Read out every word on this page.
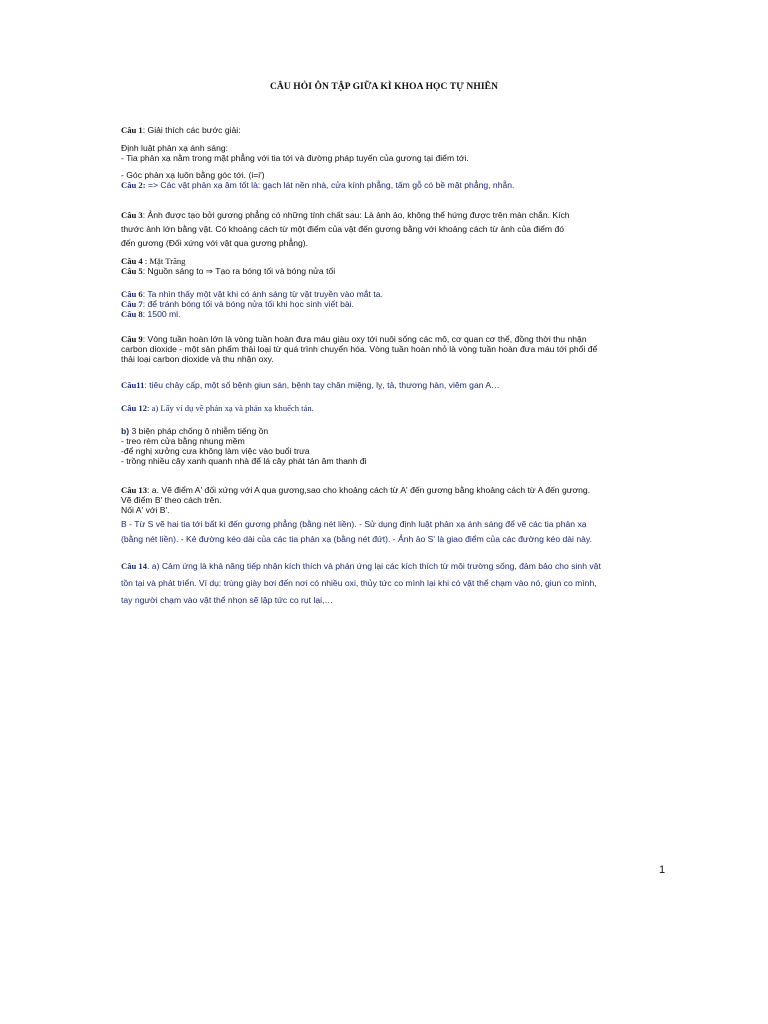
CÂU HỎI ÔN TẬP GIỮA KÌ KHOA HỌC TỰ NHIÊN
Câu 1: Giải thích các bước giải:
Định luật phản xạ ánh sáng:
- Tia phản xạ nằm trong mặt phẳng với tia tới và đường pháp tuyến của gương tại điểm tới.
- Góc phản xạ luôn bằng góc tới. (i=i')
Câu 2: => Các vật phản xạ âm tốt là: gạch lát nền nhà, cửa kính phẳng, tấm gỗ có bề mặt phẳng, nhẵn.
Câu 3: Ảnh được tạo bởi gương phẳng có những tính chất sau: Là ảnh ảo, không thể hứng được trên màn chắn. Kích
thước ảnh lớn bằng vật. Có khoảng cách từ một điểm của vật đến gương bằng với khoảng cách từ ảnh của điểm đó
đến gương (Đối xứng với vật qua gương phẳng).
Câu 4 : Mặt Trăng
Câu 5: Nguồn sáng to ⇒ Tạo ra bóng tối và bóng nửa tối
Câu 6: Ta nhìn thấy một vật khi có ánh sáng từ vật truyền vào mắt ta.
Câu 7: để tránh bóng tối và bóng nửa tối khi học sinh viết bài.
Câu 8: 1500 ml.
Câu 9: Vòng tuần hoàn lớn là vòng tuần hoàn đưa máu giàu oxy tới nuôi sống các mô, cơ quan cơ thể, đồng thời thu nhận
carbon dioxide - một sản phẩm thải loại từ quá trình chuyển hóa. Vòng tuần hoàn nhỏ là vòng tuần hoàn đưa máu tới phổi để
thải loại carbon dioxide và thu nhận oxy.
Câu11: tiêu chảy cấp, một số bệnh giun sán, bệnh tay chân miệng, lỵ, tả, thương hàn, viêm gan A…
Câu 12: a) Lấy ví dụ về phản xạ và phản xạ khuếch tán.
b) 3 biện pháp chống ô nhiễm tiếng ồn
- treo rèm cửa bằng nhung mềm
-để nghị xưởng cưa không làm việc vào buổi trưa
- trồng nhiều cây xanh quanh nhà để lá cây phát tán âm thanh đi
Câu 13: a. Vẽ điểm A' đối xứng với A qua gương,sao cho khoảng cách từ A' đến gương bằng khoảng cách từ A đến gương.
Vẽ điểm B' theo cách trên.
Nối A' với B'.
B - Từ S vẽ hai tia tới bất kì đến gương phẳng (bằng nét liền). - Sử dụng định luật phản xạ ánh sáng để vẽ các tia phản xạ
(bằng nét liền). - Kẻ đường kéo dài của các tia phản xạ (bằng nét đứt). - Ảnh ảo S' là giao điểm của các đường kéo dài này.
Câu 14. a) Cảm ứng là khả năng tiếp nhận kích thích và phản ứng lại các kích thích từ môi trường sống, đảm bảo cho sinh vật
tồn tại và phát triển. Ví dụ: trùng giày bơi đến nơi có nhiều oxi, thủy tức co mình lại khi có vật thể chạm vào nó, giun co mình,
tay người chạm vào vật thể nhọn sẽ lập tức co rụt lại,…
1
